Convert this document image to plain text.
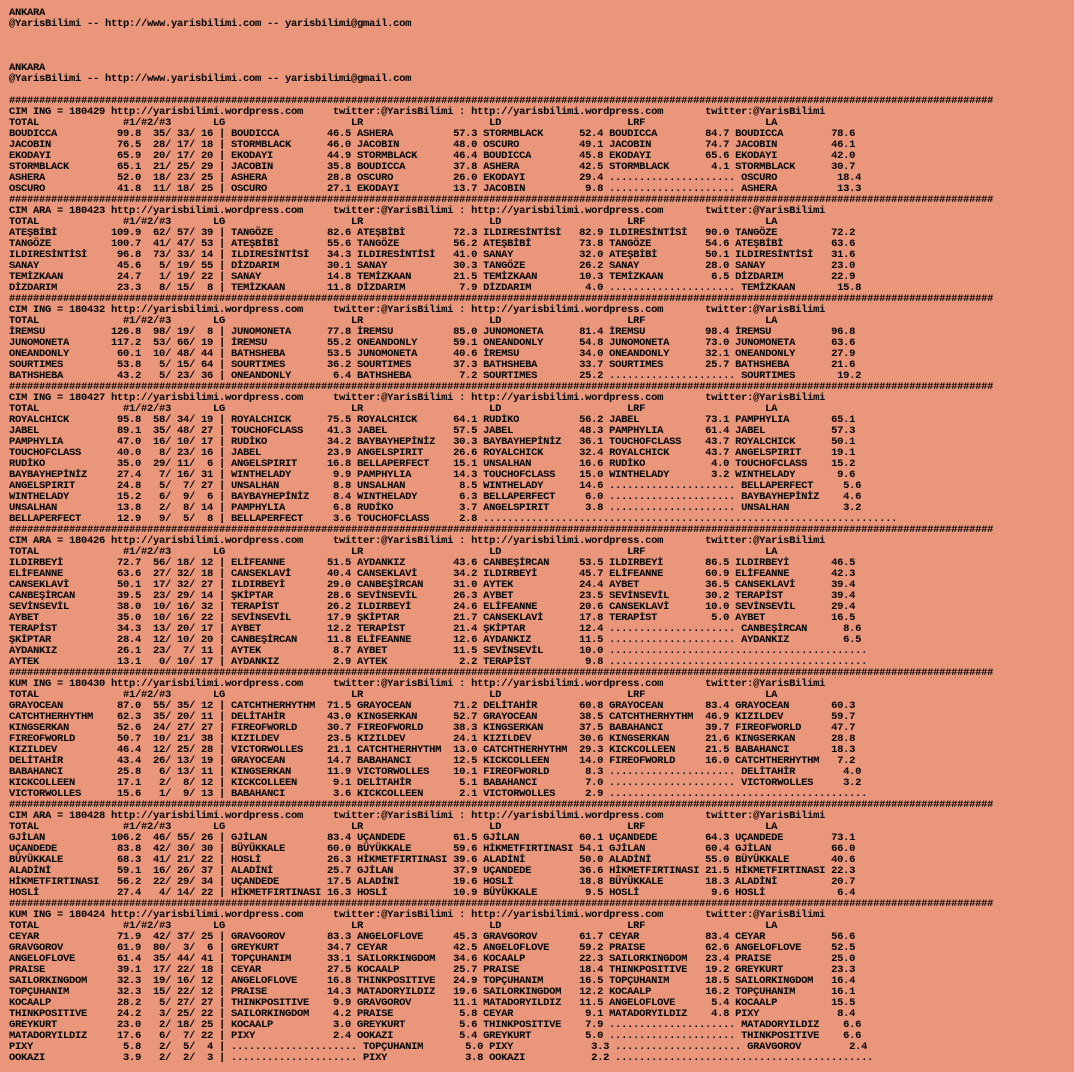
ANKARA
@YarisBilimi -- http://www.yarisbilimi.com -- yarisbilimi@gmail.com
ANKARA
@YarisBilimi -- http://www.yarisbilimi.com -- yarisbilimi@gmail.com
####################################################################################################################################################################
CIM ING = 180429 http://yarisbilimi.wordpress.com     twitter:@YarisBilimi : http://yarisbilimi.wordpress.com       twitter:@YarisBilimi
TOTAL              #1/#2/#3       LG                     LR                     LD                     LRF                    LA
BOUDICCA          99.8  35/ 33/ 16 | BOUDICCA        46.5 ASHERA          57.3 STORMBLACK      52.4 BOUDICCA        84.7 BOUDICCA        78.6
JACOBIN           76.5  28/ 17/ 18 | STORMBLACK      46.0 JACOBIN         48.0 OSCURO          49.1 JACOBIN         74.7 JACOBIN         46.1
EKODAYI           65.9  20/ 17/ 20 | EKODAYI         44.9 STORMBLACK      46.4 BOUDICCA        45.8 EKODAYI         65.6 EKODAYI         42.0
STORMBLACK        65.1  21/ 25/ 29 | JACOBIN         35.8 BOUDICCA        37.8 ASHERA          42.5 STORMBLACK       4.1 STORMBLACK      30.7
ASHERA            52.0  18/ 23/ 25 | ASHERA          28.8 OSCURO          26.0 EKODAYI         29.4 ..................... OSCURO          18.4
OSCURO            41.8  11/ 18/ 25 | OSCURO          27.1 EKODAYI         13.7 JACOBIN          9.8 ..................... ASHERA          13.3
####################################################################################################################################################################
CIM ARA = 180423 http://yarisbilimi.wordpress.com     twitter:@YarisBilimi : http://yarisbilimi.wordpress.com       twitter:@YarisBilimi
TOTAL              #1/#2/#3       LG                     LR                     LD                     LRF                    LA
ATEŞBİBİ         109.9  62/ 57/ 39 | TANGÖZE         82.6 ATEŞBİBİ        72.3 ILDIRESİNTİSİ   82.9 ILDIRESİNTİSİ   90.0 TANGÖZE         72.2
TANGÖZE          100.7  41/ 47/ 53 | ATEŞBİBİ        55.6 TANGÖZE         56.2 ATEŞBİBİ        73.8 TANGÖZE         54.6 ATEŞBİBİ        63.6
ILDIRESİNTİSİ     96.8  73/ 33/ 14 | ILDIRESİNTİSİ   34.3 ILDIRESİNTİSİ   41.0 SANAY           32.0 ATEŞBİBİ        50.1 ILDIRESİNTİSİ   31.6
SANAY             45.6   5/ 19/ 55 | DİZDARIM        30.1 SANAY           30.3 TANGÖZE         26.2 SANAY           28.0 SANAY           23.0
TEMİZKAAN         24.7   1/ 19/ 22 | SANAY           14.8 TEMİZKAAN       21.5 TEMİZKAAN       10.3 TEMİZKAAN        6.5 DİZDARIM        22.9
DİZDARIM          23.3   8/ 15/  8 | TEMİZKAAN       11.8 DİZDARIM         7.9 DİZDARIM         4.0 ..................... TEMİZKAAN       15.8
####################################################################################################################################################################
CIM ING = 180432 http://yarisbilimi.wordpress.com     twitter:@YarisBilimi : http://yarisbilimi.wordpress.com       twitter:@YarisBilimi
TOTAL              #1/#2/#3       LG                     LR                     LD                     LRF                    LA
İREMSU           126.8  98/ 19/  8 | JUNOMONETA      77.8 İREMSU          85.0 JUNOMONETA      81.4 İREMSU          98.4 İREMSU          96.8
JUNOMONETA       117.2  53/ 66/ 19 | İREMSU          55.2 ONEANDONLY      59.1 ONEANDONLY      54.8 JUNOMONETA      73.0 JUNOMONETA      63.6
ONEANDONLY        60.1  10/ 48/ 44 | BATHSHEBA       53.5 JUNOMONETA      40.6 İREMSU          34.0 ONEANDONLY      32.1 ONEANDONLY      27.9
SOURTIMES         53.8   5/ 15/ 64 | SOURTIMES       36.2 SOURTIMES       37.3 BATHSHEBA       33.7 SOURTIMES       25.7 BATHSHEBA       21.6
BATHSHEBA         43.2   5/ 23/ 36 | ONEANDONLY       6.4 BATHSHEBA        7.2 SOURTIMES       25.2 ..................... SOURTIMES       19.2
####################################################################################################################################################################
CIM ING = 180427 http://yarisbilimi.wordpress.com     twitter:@YarisBilimi : http://yarisbilimi.wordpress.com       twitter:@YarisBilimi
TOTAL              #1/#2/#3       LG                     LR                     LD                     LRF                    LA
ROYALCHICK        95.8  58/ 34/ 19 | ROYALCHICK      75.5 ROYALCHICK      64.1 RUDİKO          56.2 JABEL           73.1 PAMPHYLIA       65.1
JABEL             89.1  35/ 48/ 27 | TOUCHOFCLASS    41.3 JABEL           57.5 JABEL           48.3 PAMPHYLIA       61.4 JABEL           57.3
PAMPHYLIA         47.0  16/ 10/ 17 | RUDİKO          34.2 BAYBAYHEPİNİZ   30.3 BAYBAYHEPİNİZ   36.1 TOUCHOFCLASS    43.7 ROYALCHICK      50.1
TOUCHOFCLASS      40.0   8/ 23/ 16 | JABEL           23.9 ANGELSPIRIT     26.6 ROYALCHICK      32.4 ROYALCHICK      43.7 ANGELSPIRIT     19.1
RUDİKO            35.0  29/ 11/  6 | ANGELSPIRIT     16.8 BELLAPERFECT    15.1 UNSALHAN        16.6 RUDİKO           4.0 TOUCHOFCLASS    15.2
BAYBAYHEPİNİZ     27.4   7/ 16/ 31 | WINTHELADY       9.9 PAMPHYLIA       14.3 TOUCHOFCLASS    15.0 WINTHELADY       3.2 WINTHELADY       9.6
ANGELSPIRIT       24.8   5/  7/ 27 | UNSALHAN         8.8 UNSALHAN         8.5 WINTHELADY      14.6 ..................... BELLAPERFECT     5.6
WINTHELADY        15.2   6/  9/  6 | BAYBAYHEPİNİZ    8.4 WINTHELADY       6.3 BELLAPERFECT     6.0 ..................... BAYBAYHEPİNİZ    4.6
UNSALHAN          13.8   2/  8/ 14 | PAMPHYLIA        6.8 RUDİKO           3.7 ANGELSPIRIT      3.8 ..................... UNSALHAN         3.2
BELLAPERFECT      12.9   9/  5/  8 | BELLAPERFECT     3.6 TOUCHOFCLASS     2.8 .....................................................................
####################################################################################################################################################################
CIM ARA = 180426 http://yarisbilimi.wordpress.com     twitter:@YarisBilimi : http://yarisbilimi.wordpress.com       twitter:@YarisBilimi
TOTAL              #1/#2/#3       LG                     LR                     LD                     LRF                    LA
ILDIRBEYİ         72.7  56/ 18/ 12 | ELİFEANNE       51.5 AYDANKIZ        43.6 CANBEŞİRCAN     53.5 ILDIRBEYİ       86.5 ILDIRBEYİ       46.5
ELİFEANNE         63.6  27/ 32/ 18 | CANSEKLAVİ      40.4 CANSEKLAVİ      34.2 ILDIRBEYİ       45.7 ELİFEANNE       60.9 ELİFEANNE       42.3
CANSEKLAVİ        50.1  17/ 32/ 27 | ILDIRBEYİ       29.0 CANBEŞİRCAN     31.0 AYTEK           24.4 AYBET           36.5 CANSEKLAVİ      39.4
CANBEŞİRCAN       39.5  23/ 29/ 14 | ŞKİPTAR         28.6 SEVİNSEVİL      26.3 AYBET           23.5 SEVİNSEVİL      30.2 TERAPİST        39.4
SEVİNSEVİL        38.0  10/ 16/ 32 | TERAPİST        26.2 ILDIRBEYİ       24.6 ELİFEANNE       20.6 CANSEKLAVİ      10.0 SEVİNSEVİL      29.4
AYBET             35.0  10/ 16/ 22 | SEVİNSEVİL      17.9 ŞKİPTAR         21.7 CANSEKLAVİ      17.8 TERAPİST         5.0 AYBET           16.5
TERAPİST          34.3  13/ 20/ 17 | AYBET           12.2 TERAPİST        21.4 ŞKİPTAR         12.4 ..................... CANBEŞİRCAN      8.6
ŞKİPTAR           28.4  12/ 10/ 20 | CANBEŞİRCAN     11.8 ELİFEANNE       12.6 AYDANKIZ        11.5 ..................... AYDANKIZ         6.5
AYDANKIZ          26.1  23/  7/ 11 | AYTEK            8.7 AYBET           11.5 SEVİNSEVİL      10.0 ...........................................
AYTEK             13.1   0/ 10/ 17 | AYDANKIZ         2.9 AYTEK            2.2 TERAPİST         9.8 ...........................................
####################################################################################################################################################################
KUM ING = 180430 http://yarisbilimi.wordpress.com     twitter:@YarisBilimi : http://yarisbilimi.wordpress.com       twitter:@YarisBilimi
TOTAL              #1/#2/#3       LG                     LR                     LD                     LRF                    LA
GRAYOCEAN         87.0  55/ 35/ 12 | CATCHTHERHYTHM  71.5 GRAYOCEAN       71.2 DELİTAHİR       60.8 GRAYOCEAN       83.4 GRAYOCEAN       60.3
CATCHTHERHYTHM    62.3  35/ 20/ 11 | DELİTAHİR       43.0 KINGSERKAN      52.7 GRAYOCEAN       38.5 CATCHTHERHYTHM  46.9 KIZILDEV        59.7
KINGSERKAN        52.6  24/ 27/ 27 | FIREOFWORLD     30.7 FIREOFWORLD     38.3 KINGSERKAN      37.5 BABAHANCI       39.7 FIREOFWORLD     47.7
FIREOFWORLD       50.7  10/ 21/ 38 | KIZILDEV        23.5 KIZILDEV        24.1 KIZILDEV        30.6 KINGSERKAN      21.6 KINGSERKAN      28.8
KIZILDEV          46.4  12/ 25/ 28 | VICTORWOLLES    21.1 CATCHTHERHYTHM  13.0 CATCHTHERHYTHM  29.3 KICKCOLLEEN     21.5 BABAHANCI       18.3
DELİTAHİR         43.4  26/ 13/ 19 | GRAYOCEAN       14.7 BABAHANCI       12.5 KICKCOLLEEN     14.0 FIREOFWORLD     16.0 CATCHTHERHYTHM   7.2
BABAHANCI         25.8   6/ 13/ 11 | KINGSERKAN      11.9 VICTORWOLLES    10.1 FIREOFWORLD      8.3 ..................... DELİTAHİR        4.0
KICKCOLLEEN       17.1   2/  8/ 12 | KICKCOLLEEN      9.1 DELİTAHİR        5.1 BABAHANCI        7.0 ..................... VICTORWOLLES     3.2
VICTORWOLLES      15.6   1/  9/ 13 | BABAHANCI        3.6 KICKCOLLEEN      2.1 VICTORWOLLES     2.9 ...........................................
####################################################################################################################################################################
CIM ARA = 180428 http://yarisbilimi.wordpress.com     twitter:@YarisBilimi : http://yarisbilimi.wordpress.com       twitter:@YarisBilimi
TOTAL              #1/#2/#3       LG                     LR                     LD                     LRF                    LA
GJİLAN           106.2  46/ 55/ 26 | GJİLAN          83.4 UÇANDEDE        61.5 GJİLAN          60.1 UÇANDEDE        64.3 UÇANDEDE        73.1
UÇANDEDE          83.8  42/ 30/ 30 | BÜYÜKKALE       60.0 BÜYÜKKALE       59.6 HİKMETFIRTINASI 54.1 GJİLAN          60.4 GJİLAN          66.0
BÜYÜKKALE         68.3  41/ 21/ 22 | HOSLİ           26.3 HİKMETFIRTINASI 39.6 ALADİNİ         50.0 ALADİNİ         55.0 BÜYÜKKALE       40.6
ALADİNİ           59.1  16/ 26/ 37 | ALADİNİ         25.7 GJİLAN          37.9 UÇANDEDE        36.6 HİKMETFIRTINASI 21.5 HİKMETFIRTINASI 22.3
HİKMETFIRTINASI   56.2  22/ 29/ 34 | UÇANDEDE        17.5 ALADİNİ         19.6 HOSLİ           18.8 BÜYÜKKALE       18.3 ALADİNİ         20.7
HOSLİ             27.4   4/ 14/ 22 | HİKMETFIRTINASI 16.3 HOSLİ           10.9 BÜYÜKKALE        9.5 HOSLİ            9.6 HOSLİ            6.4
####################################################################################################################################################################
KUM ING = 180424 http://yarisbilimi.wordpress.com     twitter:@YarisBilimi : http://yarisbilimi.wordpress.com       twitter:@YarisBilimi
TOTAL              #1/#2/#3       LG                     LR                     LD                     LRF                    LA
CEYAR             71.9  42/ 37/ 25 | GRAVGOROV       83.3 ANGELOFLOVE     45.3 GRAVGOROV       61.7 CEYAR           83.4 CEYAR           56.6
GRAVGOROV         61.9  80/  3/  6 | GREYKURT        34.7 CEYAR           42.5 ANGELOFLOVE     59.2 PRAISE          62.6 ANGELOFLOVE     52.5
ANGELOFLOVE       61.4  35/ 44/ 41 | TOPÇUHANIM      33.1 SAILORKINGDOM   34.6 KOCAALP         22.3 SAILORKINGDOM   23.4 PRAISE          25.0
PRAISE            39.1  17/ 22/ 18 | CEYAR           27.5 KOCAALP         25.7 PRAISE          18.4 THINKPOSITIVE   19.2 GREYKURT        23.3
SAILORKINGDOM     32.3  19/ 16/ 12 | ANGELOFLOVE     16.8 THINKPOSITIVE   24.9 TOPÇUHANIM      16.5 TOPÇUHANIM      18.5 SAILORKINGDOM   16.4
TOPÇUHANIM        32.3  15/ 22/ 12 | PRAISE          14.3 MATADORYILDIZ   19.6 SAILORKINGDOM   12.2 KOCAALP         16.2 TOPÇUHANIM      16.1
KOCAALP           28.2   5/ 27/ 27 | THINKPOSITIVE    9.9 GRAVGOROV       11.1 MATADORYILDIZ   11.5 ANGELOFLOVE      5.4 KOCAALP         15.5
THINKPOSITIVE     24.2   3/ 25/ 22 | SAILORKINGDOM    4.2 PRAISE           5.8 CEYAR            9.1 MATADORYILDIZ    4.8 PIXY             8.4
GREYKURT          23.0   2/ 18/ 25 | KOCAALP          3.0 GREYKURT         5.6 THINKPOSITIVE    7.9 ..................... MATADORYILDIZ    6.6
MATADORYILDIZ     17.6   6/  7/ 22 | PIXY             2.4 OOKAZI           5.4 GREYKURT         5.0 ..................... THINKPOSITIVE    6.6
PIXY               5.8   2/  5/  4 | ..................... TOPÇUHANIM       5.0 PIXY             3.3 ..................... GRAVGOROV        2.4
OOKAZI             3.9   2/  2/  3 | ..................... PIXY             3.8 OOKAZI           2.2 ...........................................
